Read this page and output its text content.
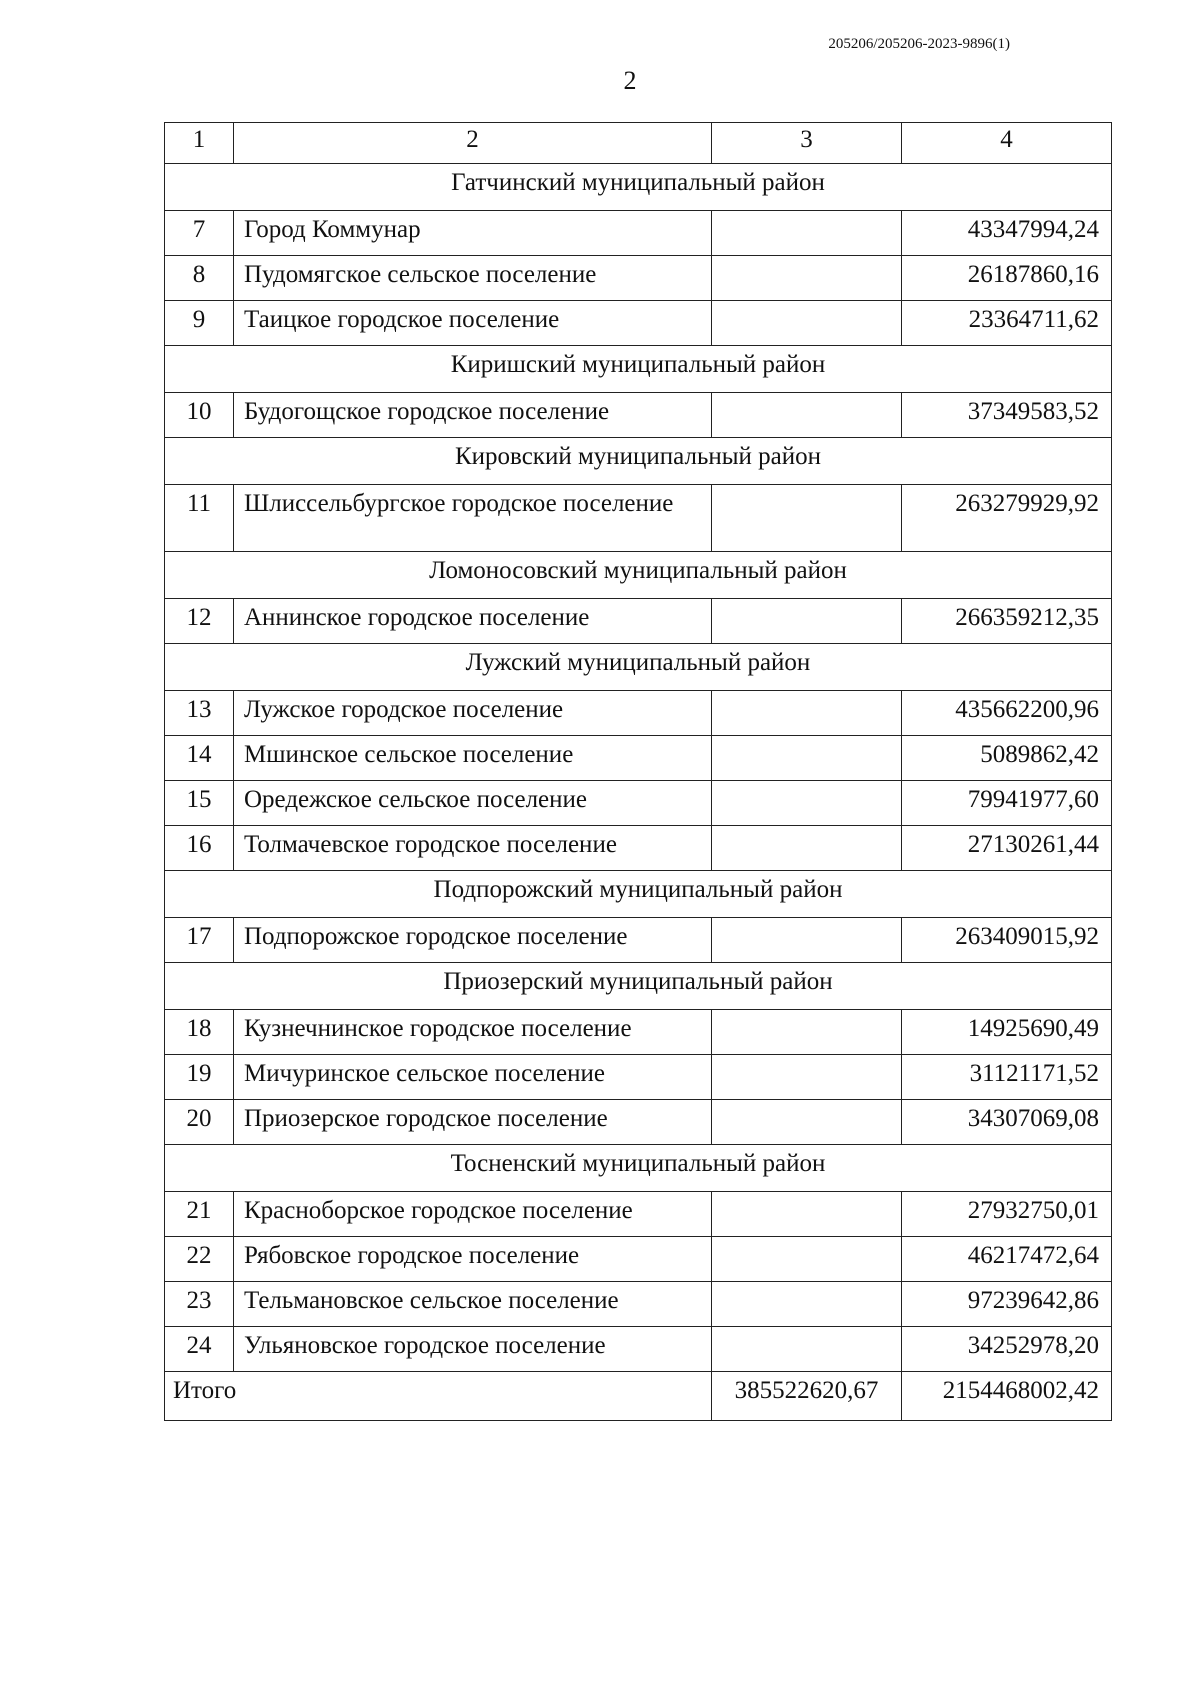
205206/205206-2023-9896(1)
2
1	2	3	4
Гатчинский муниципальный район			
7	Город Коммунар		43347994,24
8	Пудомягское сельское поселение		26187860,16
9	Таицкое городское поселение		23364711,62
Киришский муниципальный район			
10	Будогощское городское поселение		37349583,52
Кировский муниципальный район			
11	Шлиссельбургское городское поселение		263279929,92
Ломоносовский муниципальный район			
12	Аннинское городское поселение		266359212,35
Лужский муниципальный район			
13	Лужское городское поселение		435662200,96
14	Мшинское сельское поселение		5089862,42
15	Оредежское сельское поселение		79941977,60
16	Толмачевское городское поселение		27130261,44
Подпорожский муниципальный район			
17	Подпорожское городское поселение		263409015,92
Приозерский муниципальный район			
18	Кузнечнинское городское поселение		14925690,49
19	Мичуринское сельское поселение		31121171,52
20	Приозерское городское поселение		34307069,08
Тосненский муниципальный район			
21	Красноборское городское поселение		27932750,01
22	Рябовское городское поселение		46217472,64
23	Тельмановское сельское поселение		97239642,86
24	Ульяновское городское поселение		34252978,20
Итого		385522620,67	2154468002,42
